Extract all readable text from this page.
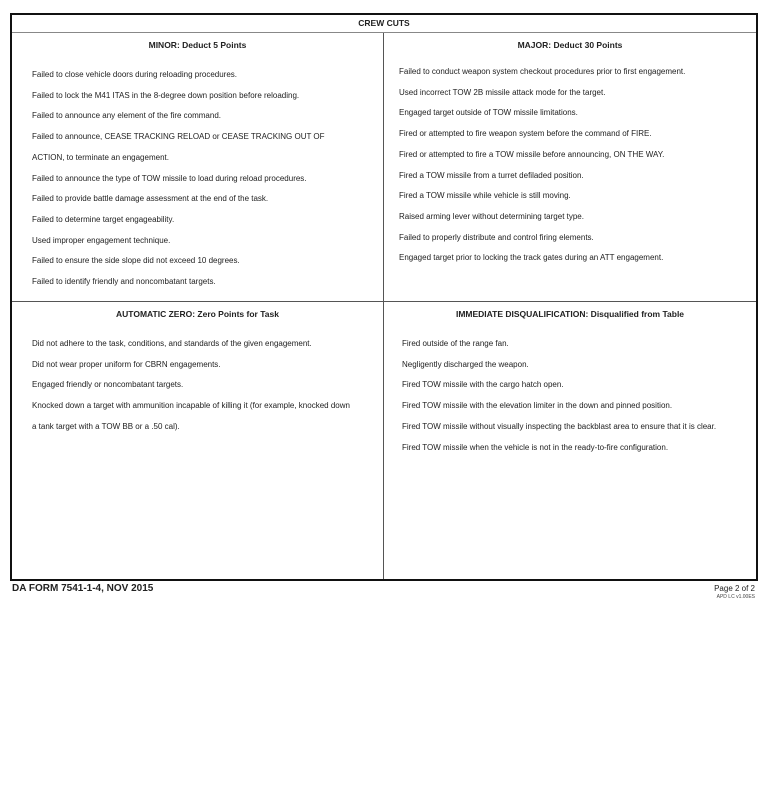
CREW CUTS
MINOR: Deduct 5 Points
Failed to close vehicle doors during reloading procedures.
Failed to lock the M41 ITAS in the 8-degree down position before reloading.
Failed to announce any element of the fire command.
Failed to announce, CEASE TRACKING RELOAD or CEASE TRACKING OUT OF
ACTION, to terminate an engagement.
Failed to announce the type of TOW missile to load during reload procedures.
Failed to provide battle damage assessment at the end of the task.
Failed to determine target engageability.
Used improper engagement technique.
Failed to ensure the side slope did not exceed 10 degrees.
Failed to identify friendly and noncombatant targets.
MAJOR: Deduct 30 Points
Failed to conduct weapon system checkout procedures prior to first engagement.
Used incorrect TOW 2B missile attack mode for the target.
Engaged target outside of TOW missile limitations.
Fired or attempted to fire weapon system before the command of FIRE.
Fired or attempted to fire a TOW missile before announcing, ON THE WAY.
Fired a TOW missile from a turret defiladed position.
Fired a TOW missile while vehicle is still moving.
Raised arming lever without determining target type.
Failed to properly distribute and control firing elements.
Engaged target prior to locking the track gates during an ATT engagement.
AUTOMATIC ZERO: Zero Points for Task
Did not adhere to the task, conditions, and standards of the given engagement.
Did not wear proper uniform for CBRN engagements.
Engaged friendly or noncombatant targets.
Knocked down a target with ammunition incapable of killing it (for example, knocked down
a tank target with a TOW BB or a .50 cal).
IMMEDIATE DISQUALIFICATION: Disqualified from Table
Fired outside of the range fan.
Negligently discharged the weapon.
Fired TOW missile with the cargo hatch open.
Fired TOW missile with the elevation limiter in the down and pinned position.
Fired TOW missile without visually inspecting the backblast area to ensure that it is clear.
Fired TOW missile when the vehicle is not in the ready-to-fire configuration.
DA FORM 7541-1-4, NOV 2015	Page 2 of 2
APD LC v1.00ES
